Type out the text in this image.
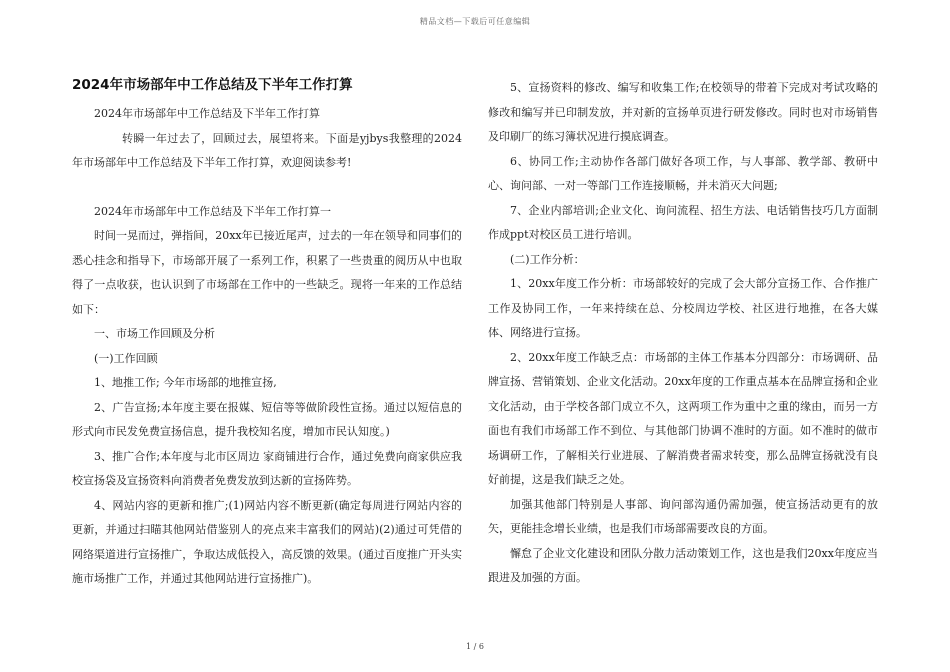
精品文档—下载后可任意编辑
2024年市场部年中工作总结及下半年工作打算

2024年市场部年中工作总结及下半年工作打算

转瞬一年过去了，回顾过去，展望将来。下面是yjbys我整理的2024年市场部年中工作总结及下半年工作打算，欢迎阅读参考!

2024年市场部年中工作总结及下半年工作打算一

时间一晃而过，弹指间，20xx年已接近尾声，过去的一年在领导和同事们的悉心挂念和指导下，市场部开展了一系列工作，积累了一些贵重的阅历从中也取得了一点收获，也认识到了市场部在工作中的一些缺乏。现将一年来的工作总结如下：

一、市场工作回顾及分析

(一)工作回顾

1、地推工作; 今年市场部的地推宣扬,

2、广告宣扬;本年度主要在报媒、短信等等做阶段性宣扬。通过以短信息的形式向市民发免费宣扬信息，提升我校知名度，增加市民认知度。)

3、推广合作;本年度与北市区周边 家商铺进行合作，通过免费向商家供应我校宣扬袋及宣扬资料向消费者免费发放到达新的宣扬阵势。

4、网站内容的更新和推广;(1)网站内容不断更新(确定每周进行网站内容的更新，并通过扫瞄其他网站借鉴别人的亮点来丰富我们的网站)(2)通过可凭借的网络渠道进行宣扬推广，争取达成低投入，高反馈的效果。(通过百度推广开头实施市场推广工作，并通过其他网站进行宣扬推广)。

5、宣扬资料的修改、编写和收集工作;在校领导的带着下完成对考试攻略的修改和编写并已印制发放，并对新的宣扬单页进行研发修改。同时也对市场销售及印刷厂的练习簿状况进行摸底调查。

6、协同工作;主动协作各部门做好各项工作，与人事部、教学部、教研中心、询问部、一对一等部门工作连接顺畅，并未消灭大问题;

7、企业内部培训;企业文化、询问流程、招生方法、电话销售技巧几方面制作成ppt对校区员工进行培训。

(二)工作分析：

1、20xx年度工作分析：市场部较好的完成了会大部分宣扬工作、合作推广工作及协同工作，一年来持续在总、分校周边学校、社区进行地推，在各大媒体、网络进行宣扬。

2、20xx年度工作缺乏点：市场部的主体工作基本分四部分：市场调研、品牌宣扬、营销策划、企业文化活动。20xx年度的工作重点基本在品牌宣扬和企业文化活动，由于学校各部门成立不久，这两项工作为重中之重的缘由，而另一方面也有我们市场部工作不到位、与其他部门协调不准时的方面。如不准时的做市场调研工作，了解相关行业进展、了解消费者需求转变，那么品牌宣扬就没有良好前提，这是我们缺乏之处。

加强其他部门特别是人事部、询问部沟通仍需加强，使宣扬活动更有的放矢，更能挂念增长业绩，也是我们市场部需要改良的方面。

懈怠了企业文化建设和团队分散力活动策划工作，这也是我们20xx年度应当跟进及加强的方面。

1 / 6
